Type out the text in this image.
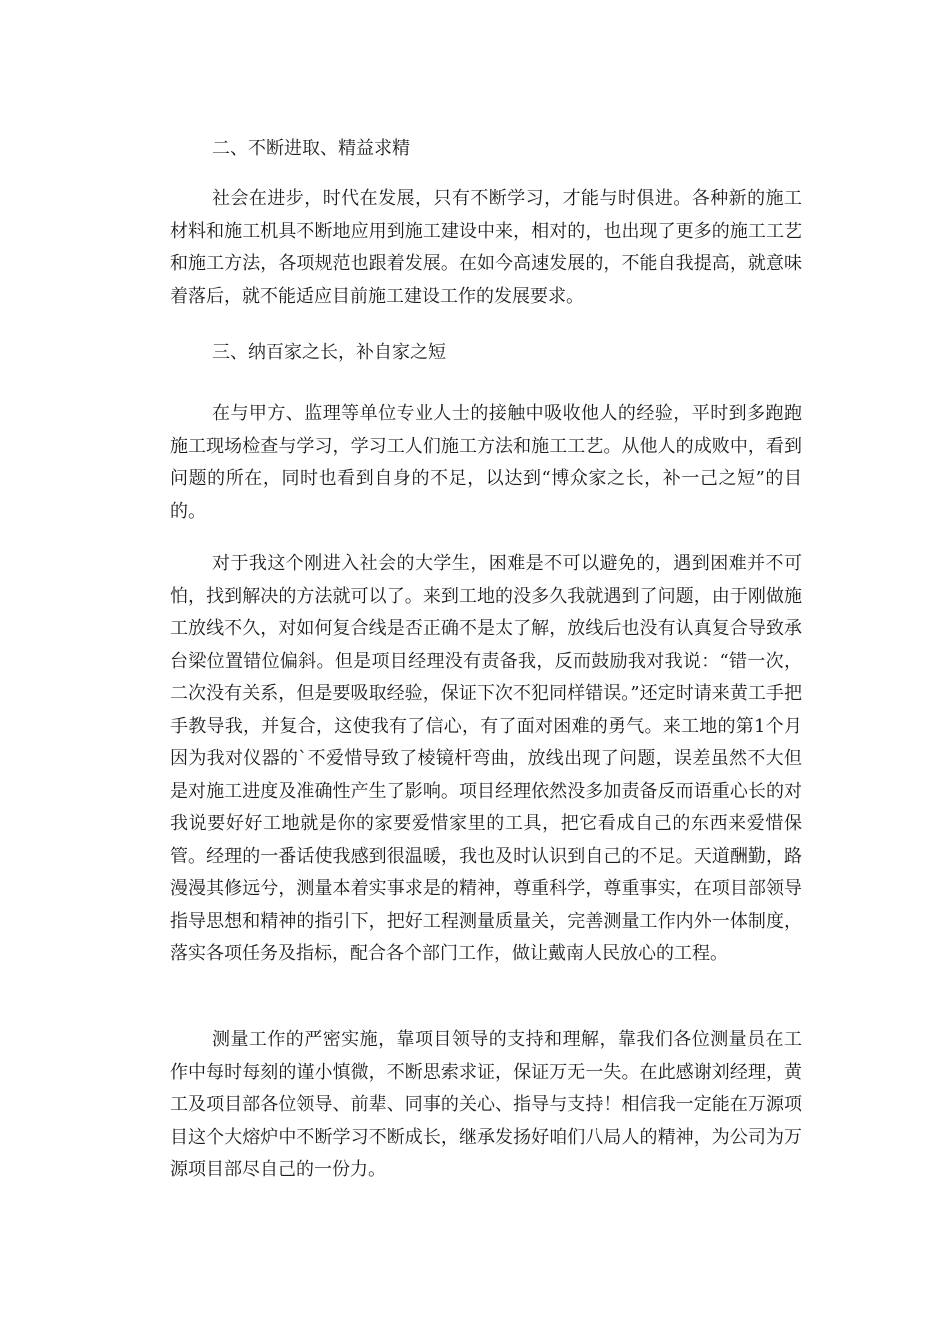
二、不断进取、精益求精

社会在进步，时代在发展，只有不断学习，才能与时俱进。各种新的施工材料和施工机具不断地应用到施工建设中来，相对的，也出现了更多的施工工艺和施工方法，各项规范也跟着发展。在如今高速发展的，不能自我提高，就意味着落后，就不能适应目前施工建设工作的发展要求。

三、纳百家之长，补自家之短

在与甲方、监理等单位专业人士的接触中吸收他人的经验，平时到多跑跑施工现场检查与学习，学习工人们施工方法和施工工艺。从他人的成败中，看到问题的所在，同时也看到自身的不足，以达到“博众家之长，补一己之短”的目的。

对于我这个刚进入社会的大学生，困难是不可以避免的，遇到困难并不可怕，找到解决的方法就可以了。来到工地的没多久我就遇到了问题，由于刚做施工放线不久，对如何复合线是否正确不是太了解，放线后也没有认真复合导致承台梁位置错位偏斜。但是项目经理没有责备我，反而鼓励我对我说：“错一次，二次没有关系，但是要吸取经验，保证下次不犯同样错误。”还定时请来黄工手把手教导我，并复合，这使我有了信心，有了面对困难的勇气。来工地的第1个月因为我对仪器的`不爱惜导致了棱镜杆弯曲，放线出现了问题，误差虽然不大但是对施工进度及准确性产生了影响。项目经理依然没多加责备反而语重心长的对我说要好好工地就是你的家要爱惜家里的工具，把它看成自己的东西来爱惜保管。经理的一番话使我感到很温暖，我也及时认识到自己的不足。天道酬勤，路漫漫其修远兮，测量本着实事求是的精神，尊重科学，尊重事实，在项目部领导指导思想和精神的指引下，把好工程测量质量关，完善测量工作内外一体制度，落实各项任务及指标，配合各个部门工作，做让戴南人民放心的工程。

测量工作的严密实施，靠项目领导的支持和理解，靠我们各位测量员在工作中每时每刻的谨小慎微，不断思索求证，保证万无一失。在此感谢刘经理，黄工及项目部各位领导、前辈、同事的关心、指导与支持！相信我一定能在万源项目这个大熔炉中不断学习不断成长，继承发扬好咱们八局人的精神，为公司为万源项目部尽自己的一份力。
